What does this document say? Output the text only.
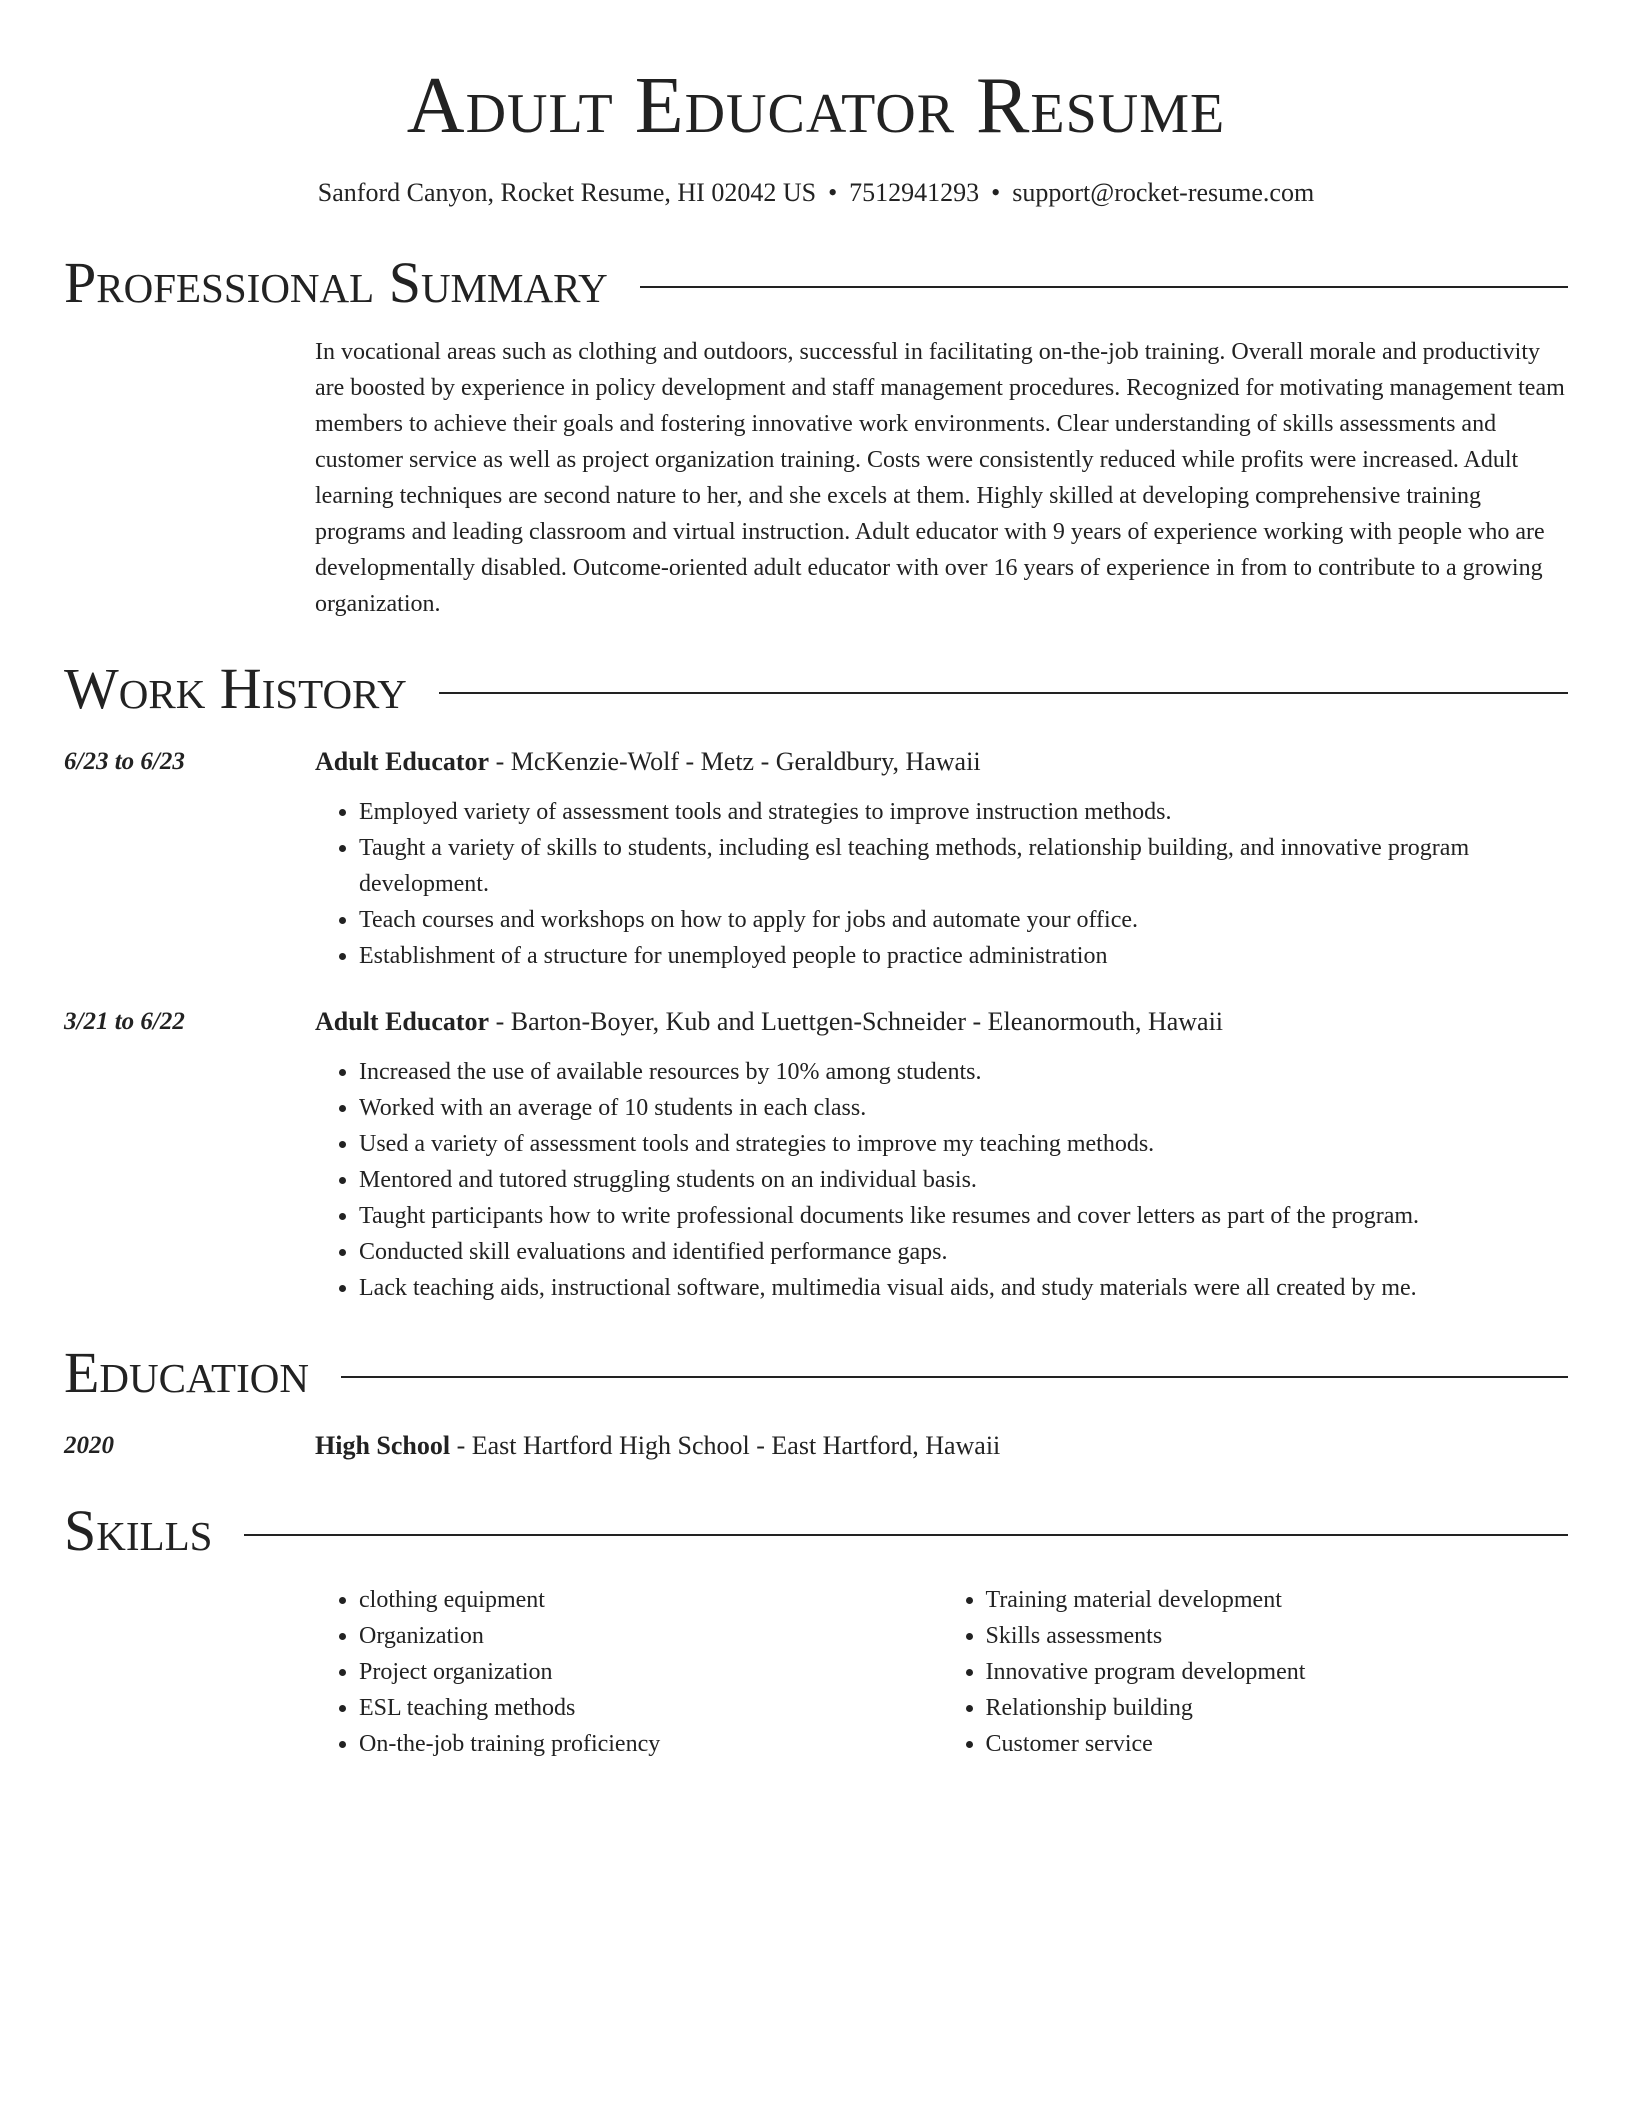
Adult Educator Resume
Sanford Canyon, Rocket Resume, HI 02042 US • 7512941293 • support@rocket-resume.com
Professional Summary
In vocational areas such as clothing and outdoors, successful in facilitating on-the-job training. Overall morale and productivity are boosted by experience in policy development and staff management procedures. Recognized for motivating management team members to achieve their goals and fostering innovative work environments. Clear understanding of skills assessments and customer service as well as project organization training. Costs were consistently reduced while profits were increased. Adult learning techniques are second nature to her, and she excels at them. Highly skilled at developing comprehensive training programs and leading classroom and virtual instruction. Adult educator with 9 years of experience working with people who are developmentally disabled. Outcome-oriented adult educator with over 16 years of experience in from to contribute to a growing organization.
Work History
6/23 to 6/23	Adult Educator - McKenzie-Wolf - Metz - Geraldbury, Hawaii
• Employed variety of assessment tools and strategies to improve instruction methods.
• Taught a variety of skills to students, including esl teaching methods, relationship building, and innovative program development.
• Teach courses and workshops on how to apply for jobs and automate your office.
• Establishment of a structure for unemployed people to practice administration
3/21 to 6/22	Adult Educator - Barton-Boyer, Kub and Luettgen-Schneider - Eleanormouth, Hawaii
• Increased the use of available resources by 10% among students.
• Worked with an average of 10 students in each class.
• Used a variety of assessment tools and strategies to improve my teaching methods.
• Mentored and tutored struggling students on an individual basis.
• Taught participants how to write professional documents like resumes and cover letters as part of the program.
• Conducted skill evaluations and identified performance gaps.
• Lack teaching aids, instructional software, multimedia visual aids, and study materials were all created by me.
Education
2020	High School - East Hartford High School - East Hartford, Hawaii
Skills
• clothing equipment
• Organization
• Project organization
• ESL teaching methods
• On-the-job training proficiency
• Training material development
• Skills assessments
• Innovative program development
• Relationship building
• Customer service
